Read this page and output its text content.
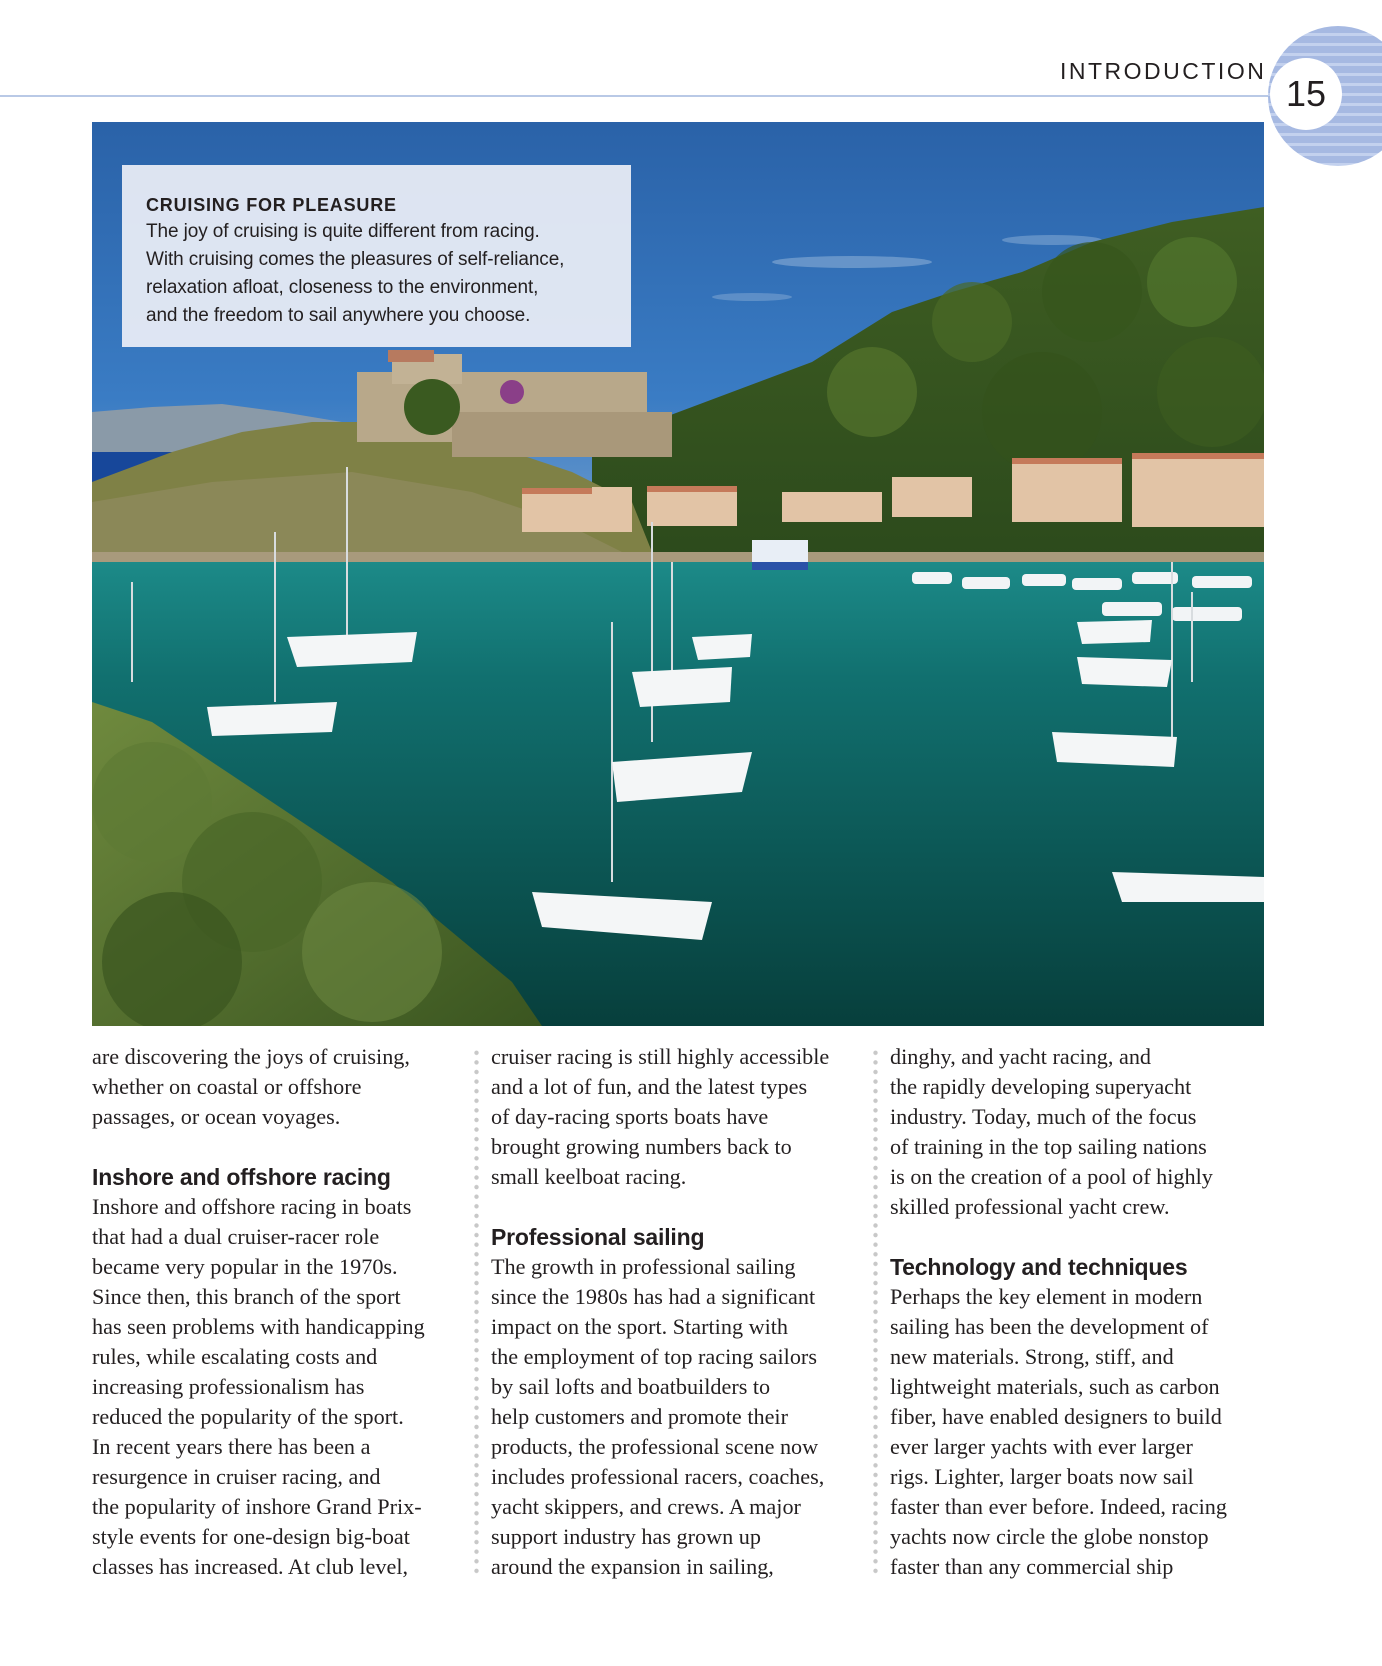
INTRODUCTION
15
CRUISING FOR PLEASURE
The joy of cruising is quite different from racing.
With cruising comes the pleasures of self-reliance,
relaxation afloat, closeness to the environment,
and the freedom to sail anywhere you choose.

are discovering the joys of cruising,
whether on coastal or offshore
passages, or ocean voyages.

Inshore and offshore racing

Inshore and offshore racing in boats
that had a dual cruiser-racer role
became very popular in the 1970s.
Since then, this branch of the sport
has seen problems with handicapping
rules, while escalating costs and
increasing professionalism has
reduced the popularity of the sport.
In recent years there has been a
resurgence in cruiser racing, and
the popularity of inshore Grand Prix-
style events for one-design big-boat
classes has increased. At club level,

cruiser racing is still highly accessible
and a lot of fun, and the latest types
of day-racing sports boats have
brought growing numbers back to
small keelboat racing.

Professional sailing

The growth in professional sailing
since the 1980s has had a significant
impact on the sport. Starting with
the employment of top racing sailors
by sail lofts and boatbuilders to
help customers and promote their
products, the professional scene now
includes professional racers, coaches,
yacht skippers, and crews. A major
support industry has grown up
around the expansion in sailing,

dinghy, and yacht racing, and
the rapidly developing superyacht
industry. Today, much of the focus
of training in the top sailing nations
is on the creation of a pool of highly
skilled professional yacht crew.

Technology and techniques

Perhaps the key element in modern
sailing has been the development of
new materials. Strong, stiff, and
lightweight materials, such as carbon
fiber, have enabled designers to build
ever larger yachts with ever larger
rigs. Lighter, larger boats now sail
faster than ever before. Indeed, racing
yachts now circle the globe nonstop
faster than any commercial ship
